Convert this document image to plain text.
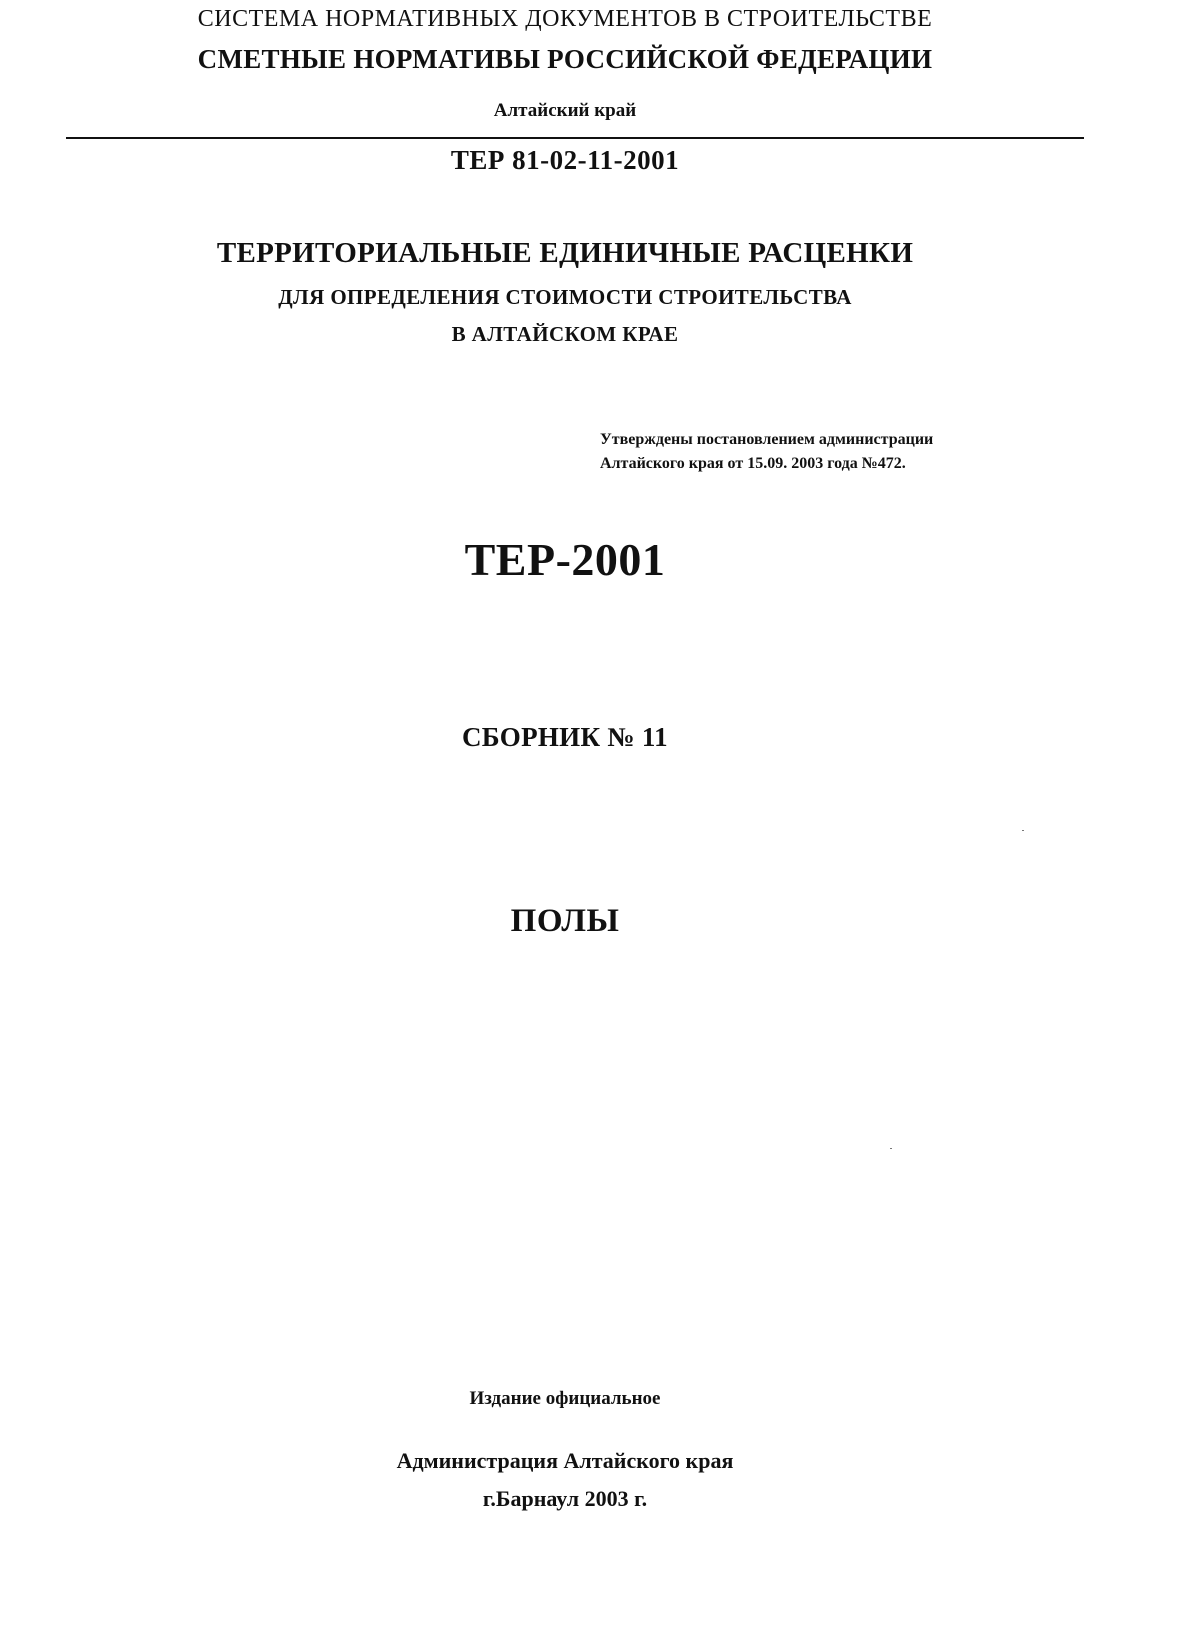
СИСТЕМА НОРМАТИВНЫХ ДОКУМЕНТОВ В СТРОИТЕЛЬСТВЕ
СМЕТНЫЕ НОРМАТИВЫ РОССИЙСКОЙ ФЕДЕРАЦИИ
Алтайский край
ТЕР 81-02-11-2001
ТЕРРИТОРИАЛЬНЫЕ ЕДИНИЧНЫЕ РАСЦЕНКИ
ДЛЯ ОПРЕДЕЛЕНИЯ СТОИМОСТИ СТРОИТЕЛЬСТВА
В АЛТАЙСКОМ КРАЕ
Утверждены постановлением администрации
Алтайского края от 15.09. 2003 года №472.
ТЕР-2001
СБОРНИК № 11
ПОЛЫ
Издание официальное
Администрация Алтайского края
г.Барнаул 2003 г.
